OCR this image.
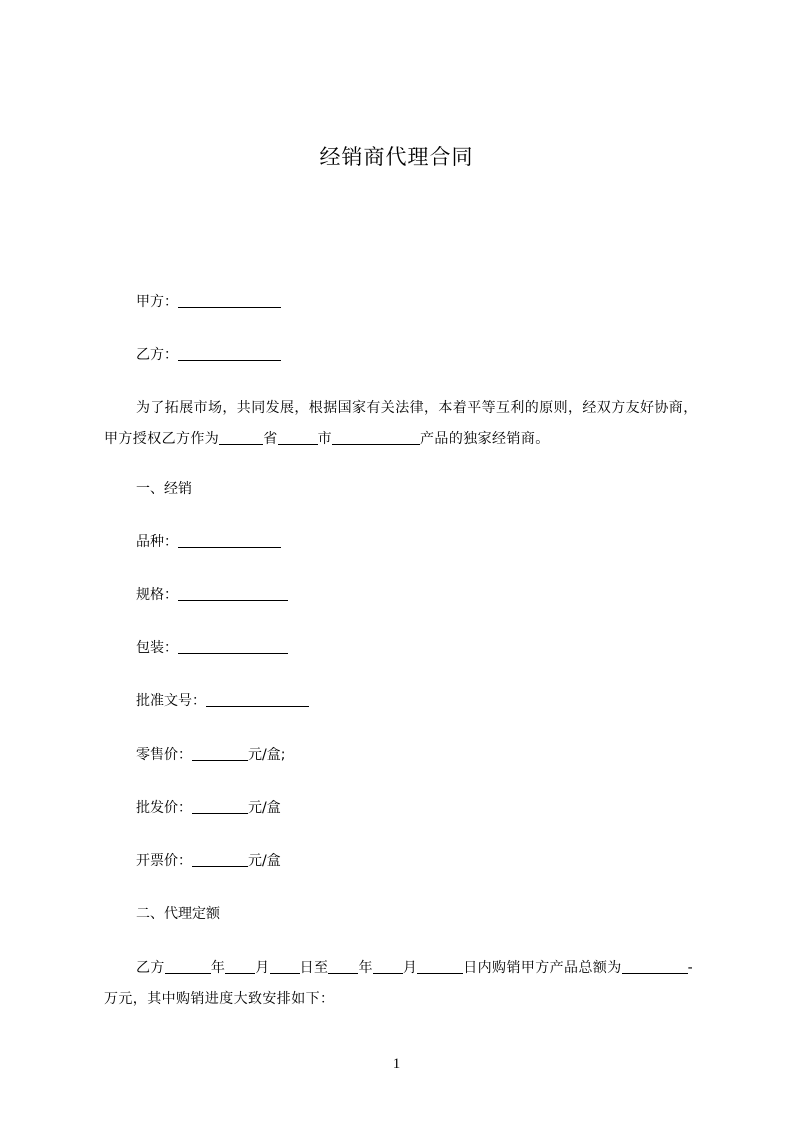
经销商代理合同
甲方：
乙方：
为了拓展市场，共同发展，根据国家有关法律，本着平等互利的原则，经双方友好协商，甲方授权乙方作为	省	市	产品的独家经销商。
一、经销
品种：
规格：
包装：
批准文号：
零售价：	元/盒;
批发价：	元/盒
开票价：	元/盒
二、代理定额
乙方	年 月 日至 年 月	日内购销甲方产品总额为	-万元，其中购销进度大致安排如下：
1
